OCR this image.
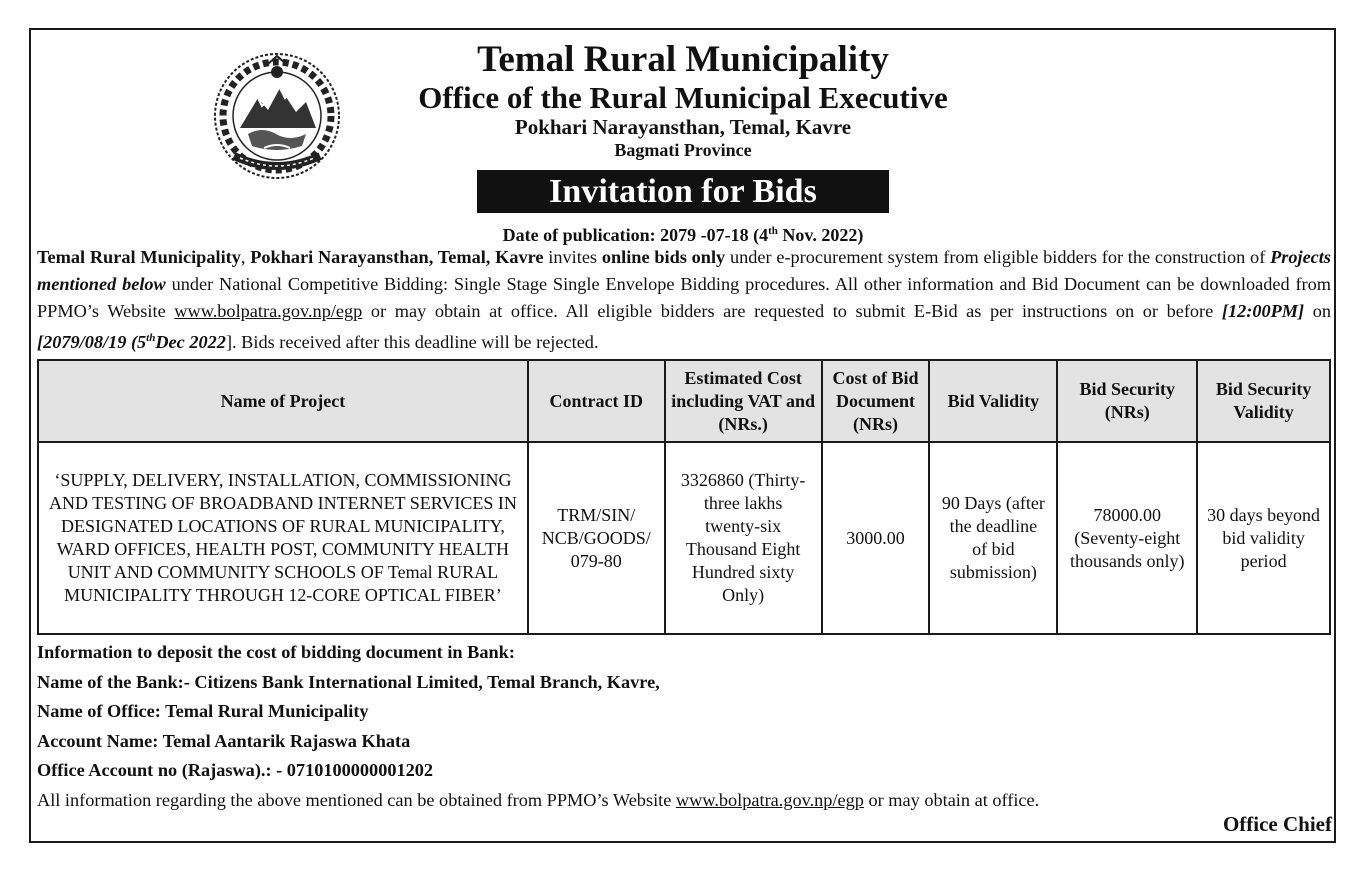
Temal Rural Municipality
Office of the Rural Municipal Executive
Pokhari Narayansthan, Temal, Kavre
Bagmati Province
Invitation for Bids
Date of publication: 2079 -07-18 (4th Nov. 2022)
Temal Rural Municipality, Pokhari Narayansthan, Temal, Kavre invites online bids only under e-procurement system from eligible bidders for the construction of Projects mentioned below under National Competitive Bidding: Single Stage Single Envelope Bidding procedures. All other information and Bid Document can be downloaded from PPMO’s Website www.bolpatra.gov.np/egp or may obtain at office. All eligible bidders are requested to submit E-Bid as per instructions on or before [12:00PM] on [2079/08/19 (5thDec 2022]. Bids received after this deadline will be rejected.
Name of Project	Contract ID	Estimated Cost including VAT and (NRs.)	Cost of Bid Document (NRs)	Bid Validity	Bid Security (NRs)	Bid Security Validity
‘SUPPLY, DELIVERY, INSTALLATION, COMMISSIONING AND TESTING OF BROADBAND INTERNET SERVICES IN DESIGNATED LOCATIONS OF RURAL MUNICIPALITY, WARD OFFICES, HEALTH POST, COMMUNITY HEALTH UNIT AND COMMUNITY SCHOOLS OF Temal RURAL MUNICIPALITY THROUGH 12-CORE OPTICAL FIBER’	TRM/SIN/ NCB/GOODS/ 079-80	3326860 (Thirty-three lakhs twenty-six Thousand Eight Hundred sixty Only)	3000.00	90 Days (after the deadline of bid submission)	78000.00 (Seventy-eight thousands only)	30 days beyond bid validity period
Information to deposit the cost of bidding document in Bank:
Name of the Bank:- Citizens Bank International Limited, Temal Branch, Kavre,
Name of Office: Temal Rural Municipality
Account Name: Temal Aantarik Rajaswa Khata
Office Account no (Rajaswa).: - 0710100000001202
All information regarding the above mentioned can be obtained from PPMO’s Website www.bolpatra.gov.np/egp or may obtain at office.
Office Chief
